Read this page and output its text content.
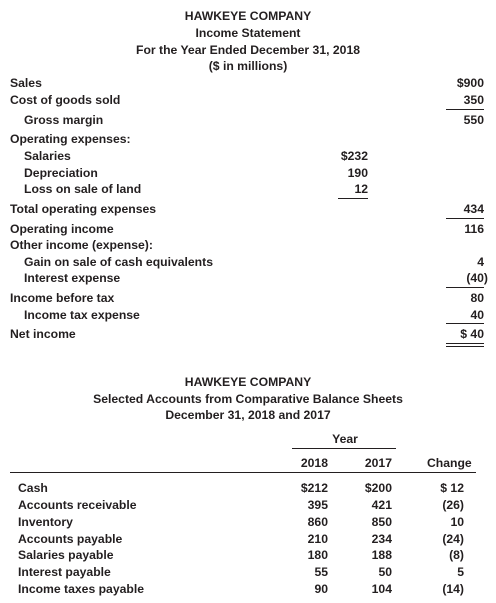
HAWKEYE COMPANY
Income Statement
For the Year Ended December 31, 2018
($ in millions)
Sales	$900
Cost of goods sold	350
Gross margin	550
Operating expenses:
Salaries	$232
Depreciation	190
Loss on sale of land	12
Total operating expenses	434
Operating income	116
Other income (expense):
Gain on sale of cash equivalents	4
Interest expense	(40)
Income before tax	80
Income tax expense	40
Net income	$ 40
HAWKEYE COMPANY
Selected Accounts from Comparative Balance Sheets
December 31, 2018 and 2017
Year
2018	2017	Change
Cash	$212	$200	$ 12
Accounts receivable	395	421	(26)
Inventory	860	850	10
Accounts payable	210	234	(24)
Salaries payable	180	188	(8)
Interest payable	55	50	5
Income taxes payable	90	104	(14)
